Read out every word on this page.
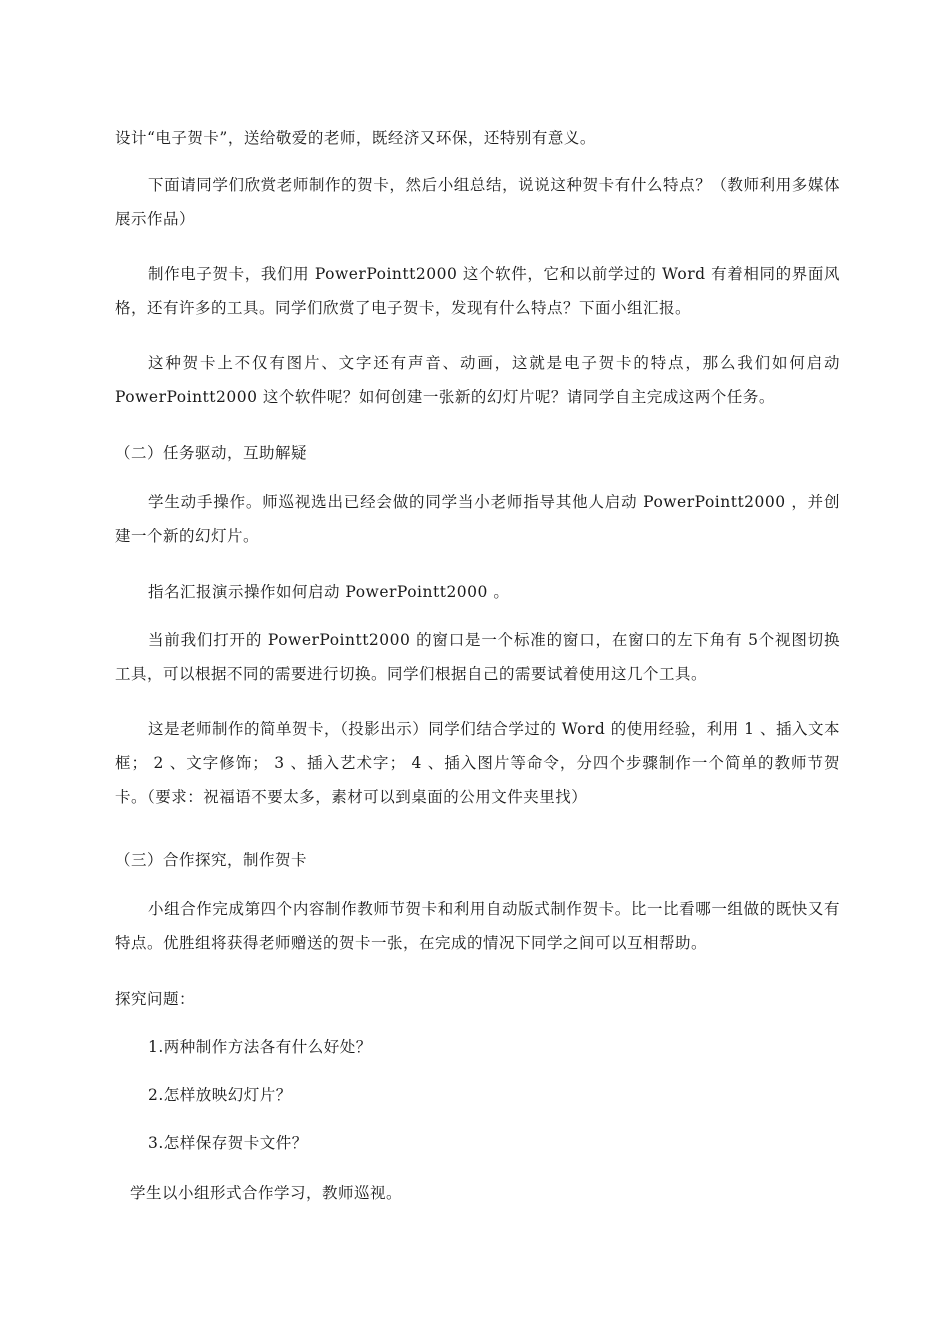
设计“电子贺卡”，送给敬爱的老师，既经济又环保，还特别有意义。

下面请同学们欣赏老师制作的贺卡，然后小组总结，说说这种贺卡有什么特点？（教师利用多媒体展示作品）

制作电子贺卡，我们用 PowerPointt2000 这个软件，它和以前学过的 Word 有着相同的界面风格，还有许多的工具。同学们欣赏了电子贺卡，发现有什么特点？下面小组汇报。

这种贺卡上不仅有图片、文字还有声音、动画，这就是电子贺卡的特点，那么我们如何启动PowerPointt2000 这个软件呢？如何创建一张新的幻灯片呢？请同学自主完成这两个任务。

（二）任务驱动，互助解疑

学生动手操作。师巡视选出已经会做的同学当小老师指导其他人启动 PowerPointt2000 ，并创建一个新的幻灯片。

指名汇报演示操作如何启动 PowerPointt2000 。

当前我们打开的 PowerPointt2000 的窗口是一个标准的窗口，在窗口的左下角有 5个视图切换工具，可以根据不同的需要进行切换。同学们根据自己的需要试着使用这几个工具。

这是老师制作的简单贺卡，（投影出示）同学们结合学过的 Word 的使用经验，利用 1 、插入文本框； 2 、文字修饰； 3 、插入艺术字； 4 、插入图片等命令，分四个步骤制作一个简单的教师节贺卡。（要求：祝福语不要太多，素材可以到桌面的公用文件夹里找）

（三）合作探究，制作贺卡

小组合作完成第四个内容制作教师节贺卡和利用自动版式制作贺卡。比一比看哪一组做的既快又有特点。优胜组将获得老师赠送的贺卡一张，在完成的情况下同学之间可以互相帮助。

探究问题：

1.两种制作方法各有什么好处？

2.怎样放映幻灯片？

3.怎样保存贺卡文件？

学生以小组形式合作学习，教师巡视。
